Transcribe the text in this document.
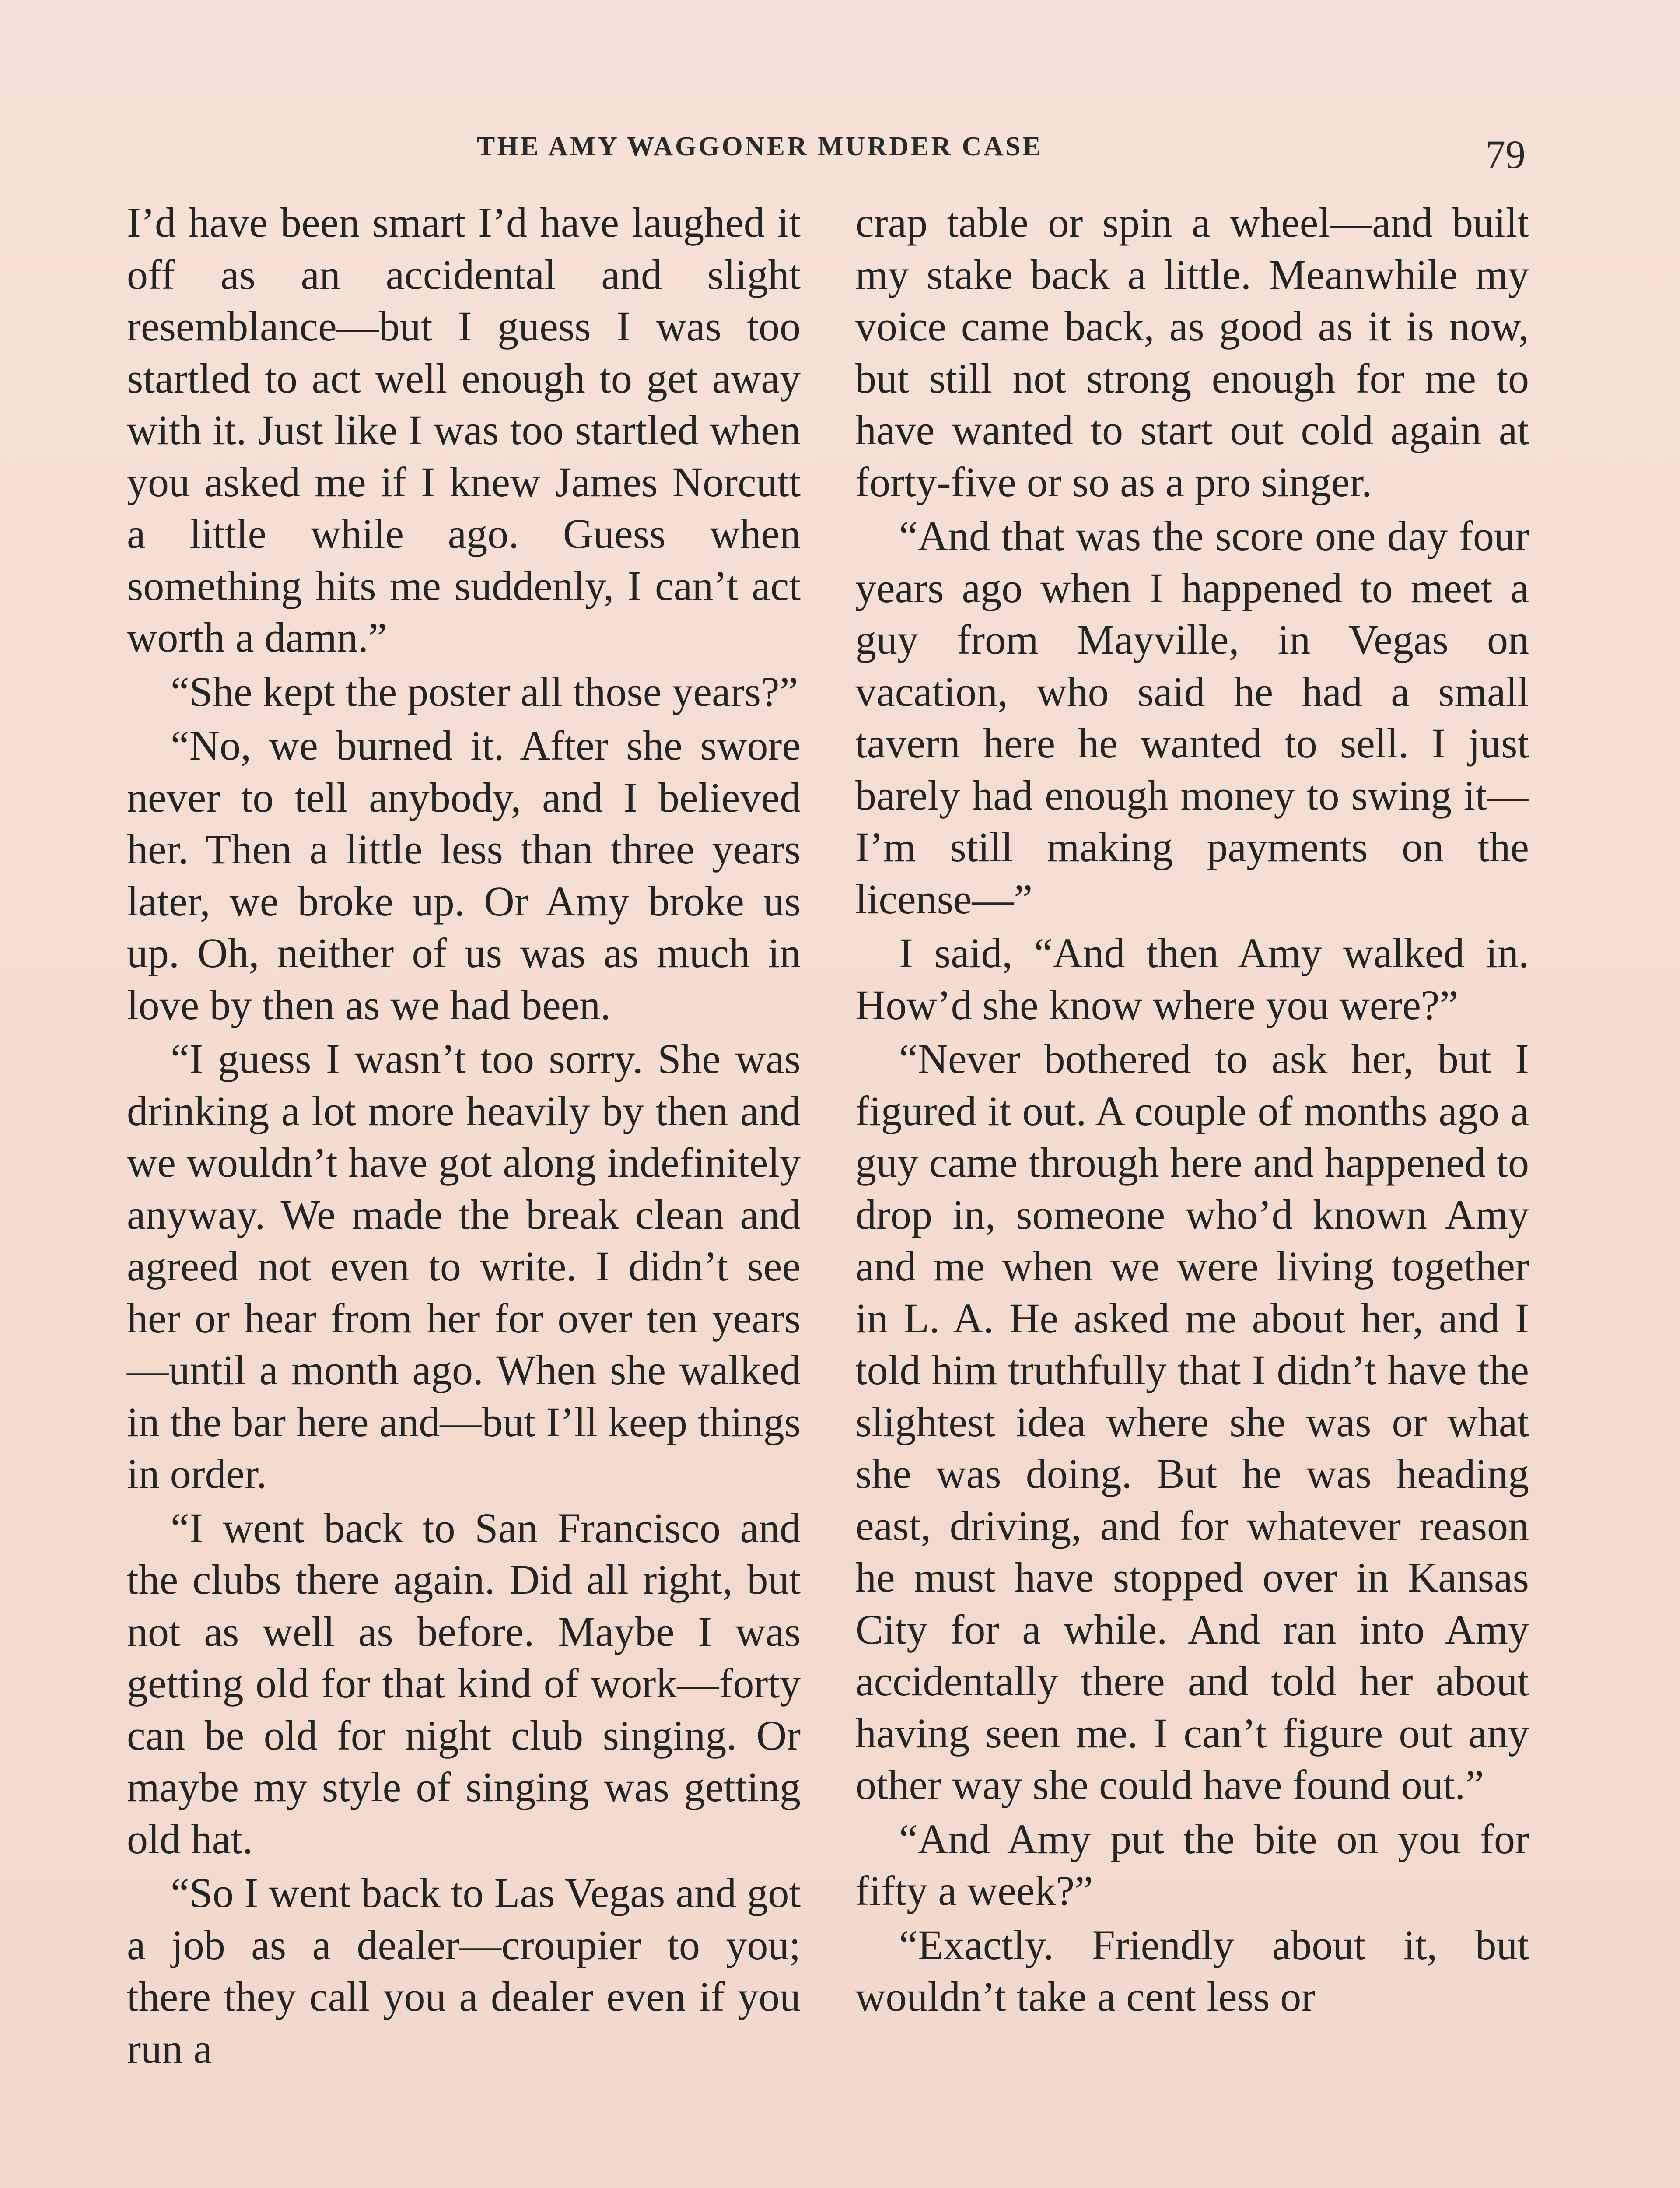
THE AMY WAGGONER MURDER CASE	79

I’d have been smart I’d have laughed it off as an accidental and slight resemblance—but I guess I was too startled to act well enough to get away with it. Just like I was too startled when you asked me if I knew James Norcutt a little while ago. Guess when something hits me suddenly, I can’t act worth a damn.”

“She kept the poster all those years?”

“No, we burned it. After she swore never to tell anybody, and I believed her. Then a little less than three years later, we broke up. Or Amy broke us up. Oh, neither of us was as much in love by then as we had been.

“I guess I wasn’t too sorry. She was drinking a lot more heavily by then and we wouldn’t have got along indefinitely anyway. We made the break clean and agreed not even to write. I didn’t see her or hear from her for over ten years—until a month ago. When she walked in the bar here and—but I’ll keep things in order.

“I went back to San Francisco and the clubs there again. Did all right, but not as well as before. Maybe I was getting old for that kind of work—forty can be old for night club singing. Or maybe my style of singing was getting old hat.

“So I went back to Las Vegas and got a job as a dealer—croupier to you; there they call you a dealer even if you run a

crap table or spin a wheel—and built my stake back a little. Meanwhile my voice came back, as good as it is now, but still not strong enough for me to have wanted to start out cold again at forty-five or so as a pro singer.

“And that was the score one day four years ago when I happened to meet a guy from Mayville, in Vegas on vacation, who said he had a small tavern here he wanted to sell. I just barely had enough money to swing it—I’m still making payments on the license—”

I said, “And then Amy walked in. How’d she know where you were?”

“Never bothered to ask her, but I figured it out. A couple of months ago a guy came through here and happened to drop in, someone who’d known Amy and me when we were living together in L. A. He asked me about her, and I told him truthfully that I didn’t have the slightest idea where she was or what she was doing. But he was heading east, driving, and for whatever reason he must have stopped over in Kansas City for a while. And ran into Amy accidentally there and told her about having seen me. I can’t figure out any other way she could have found out.”

“And Amy put the bite on you for fifty a week?”

“Exactly. Friendly about it, but wouldn’t take a cent less or
